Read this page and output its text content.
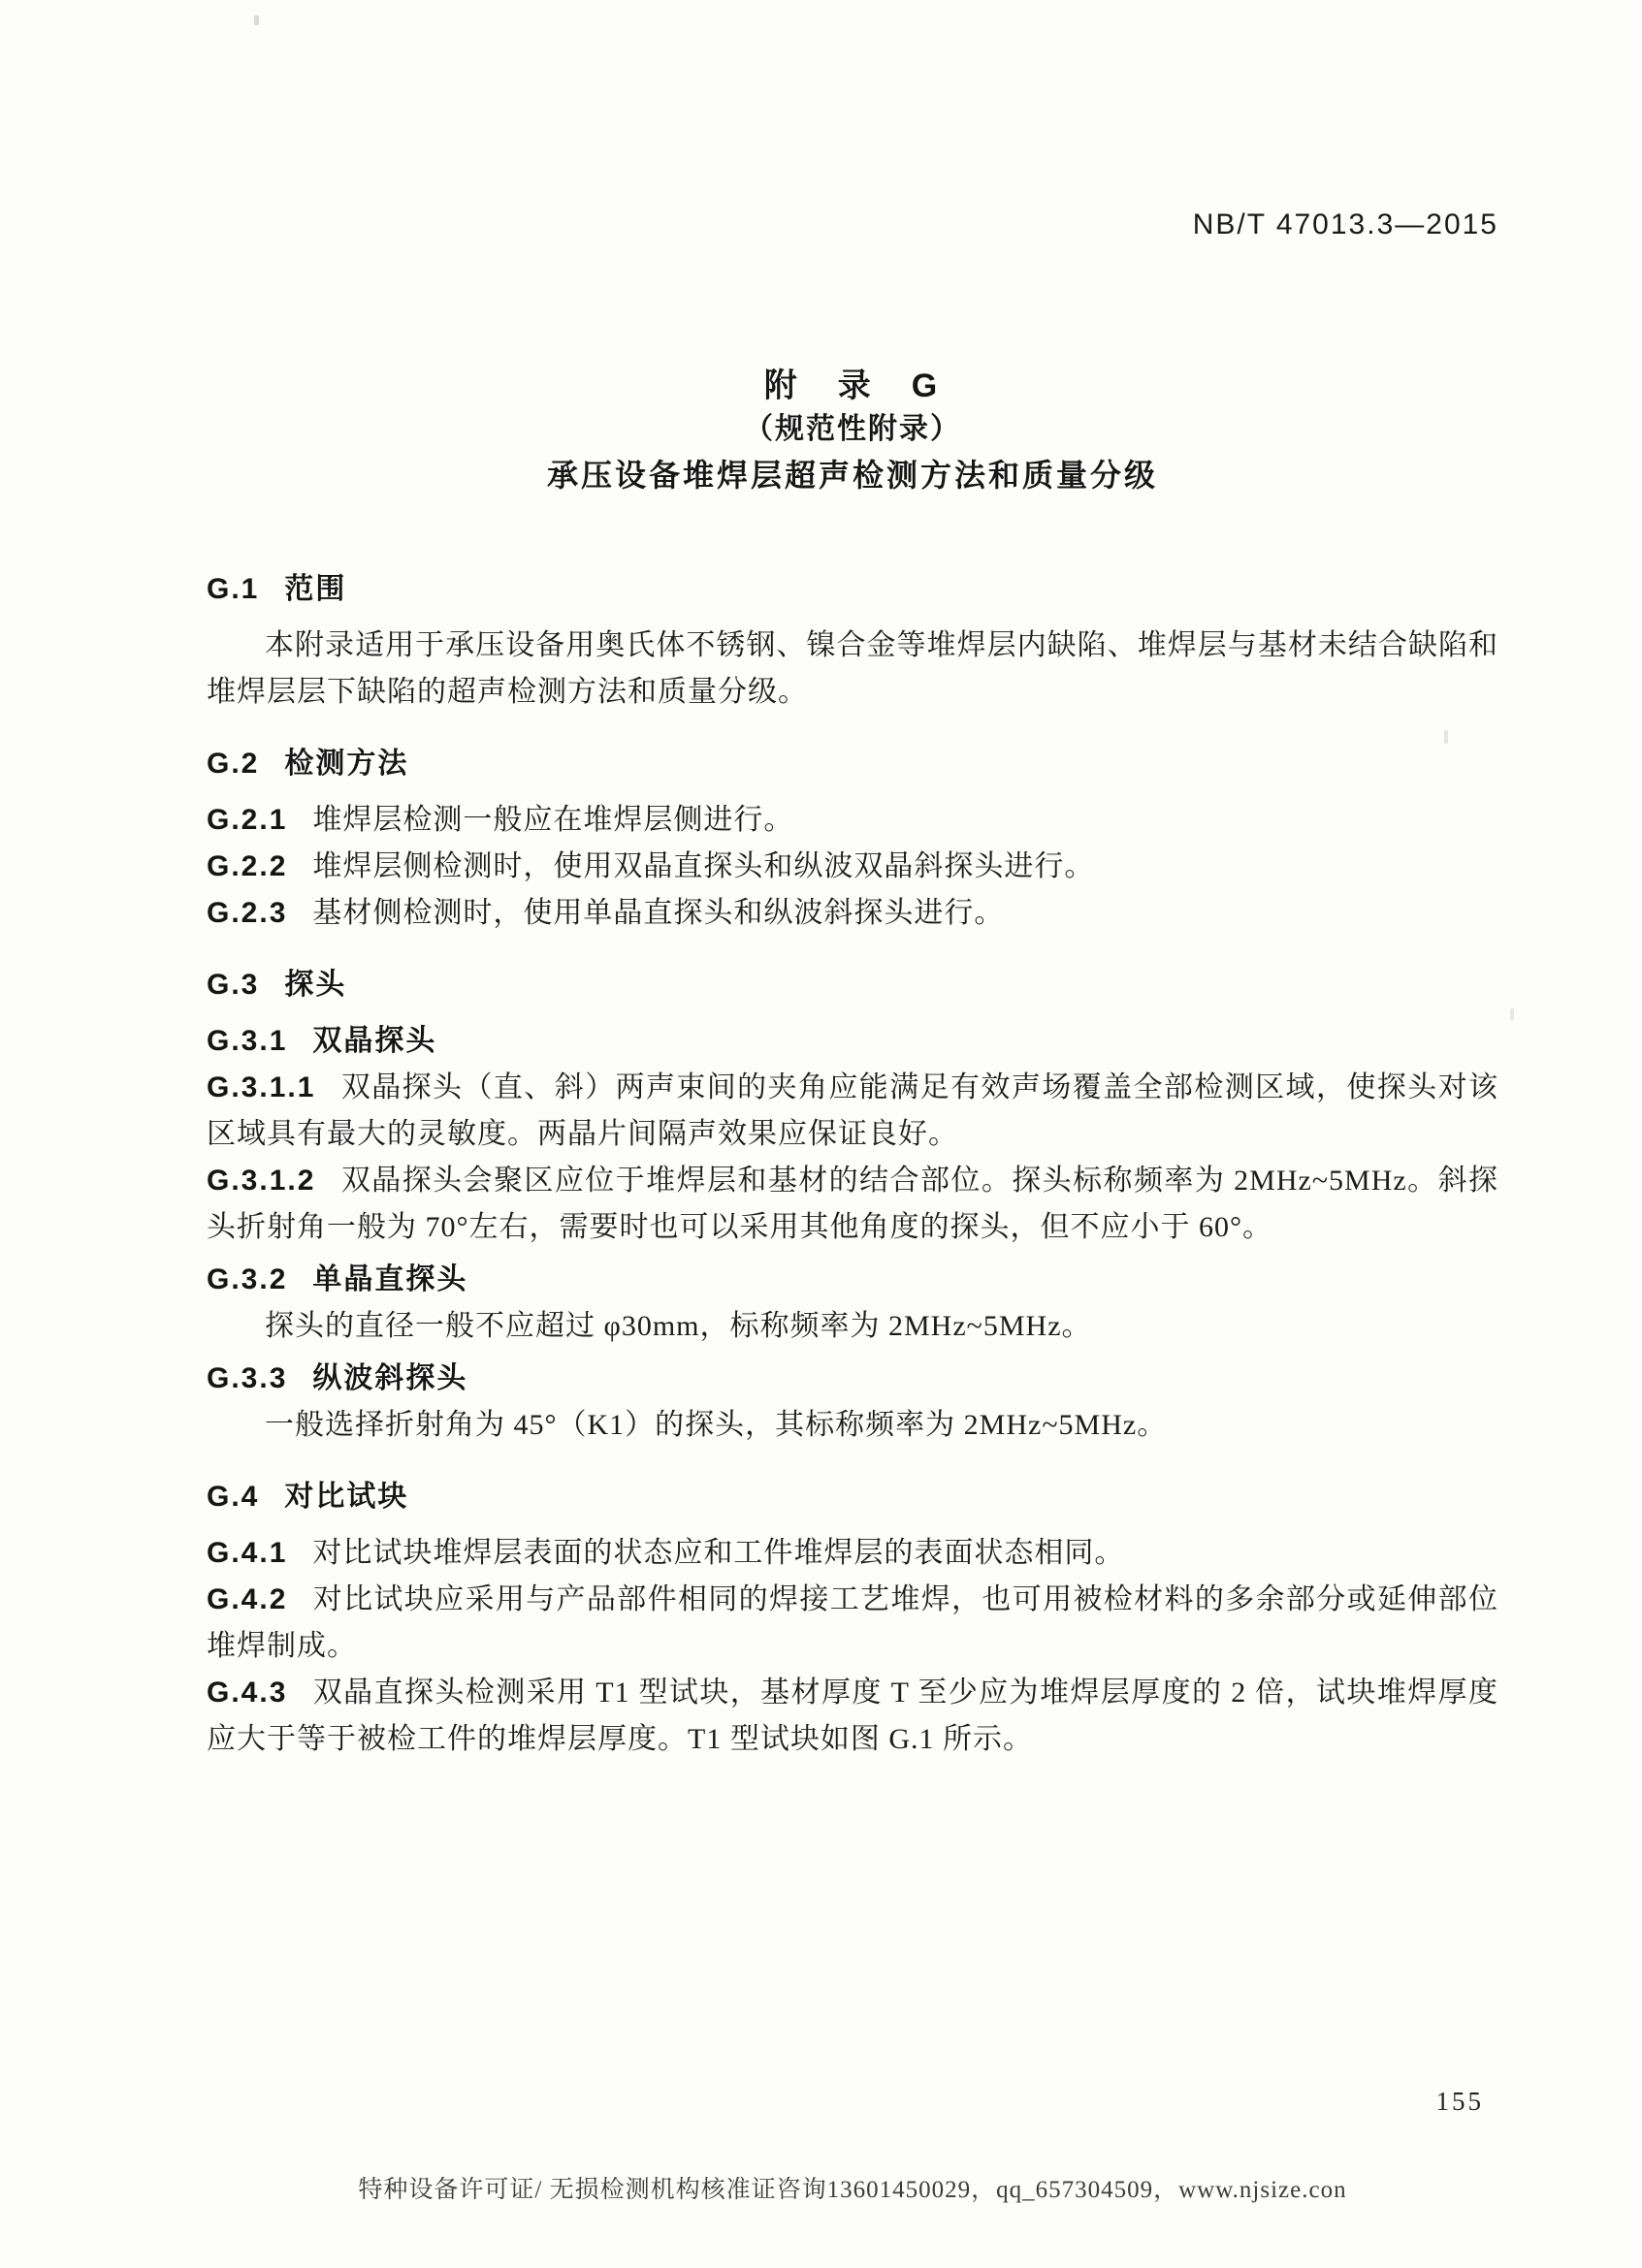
NB/T 47013.3—2015
附　录　G
（规范性附录）
承压设备堆焊层超声检测方法和质量分级
G.1 范围
本附录适用于承压设备用奥氏体不锈钢、镍合金等堆焊层内缺陷、堆焊层与基材未结合缺陷和堆焊层层下缺陷的超声检测方法和质量分级。
G.2 检测方法
G.2.1 堆焊层检测一般应在堆焊层侧进行。
G.2.2 堆焊层侧检测时，使用双晶直探头和纵波双晶斜探头进行。
G.2.3 基材侧检测时，使用单晶直探头和纵波斜探头进行。
G.3 探头
G.3.1 双晶探头
G.3.1.1 双晶探头（直、斜）两声束间的夹角应能满足有效声场覆盖全部检测区域，使探头对该区域具有最大的灵敏度。两晶片间隔声效果应保证良好。
G.3.1.2 双晶探头会聚区应位于堆焊层和基材的结合部位。探头标称频率为 2MHz~5MHz。斜探头折射角一般为 70°左右，需要时也可以采用其他角度的探头，但不应小于 60°。
G.3.2 单晶直探头
探头的直径一般不应超过 φ30mm，标称频率为 2MHz~5MHz。
G.3.3 纵波斜探头
一般选择折射角为 45°（K1）的探头，其标称频率为 2MHz~5MHz。
G.4 对比试块
G.4.1 对比试块堆焊层表面的状态应和工件堆焊层的表面状态相同。
G.4.2 对比试块应采用与产品部件相同的焊接工艺堆焊，也可用被检材料的多余部分或延伸部位堆焊制成。
G.4.3 双晶直探头检测采用 T1 型试块，基材厚度 T 至少应为堆焊层厚度的 2 倍，试块堆焊厚度应大于等于被检工件的堆焊层厚度。T1 型试块如图 G.1 所示。
155
特种设备许可证/ 无损检测机构核准证咨询13601450029，qq_657304509，www.njsize.con
